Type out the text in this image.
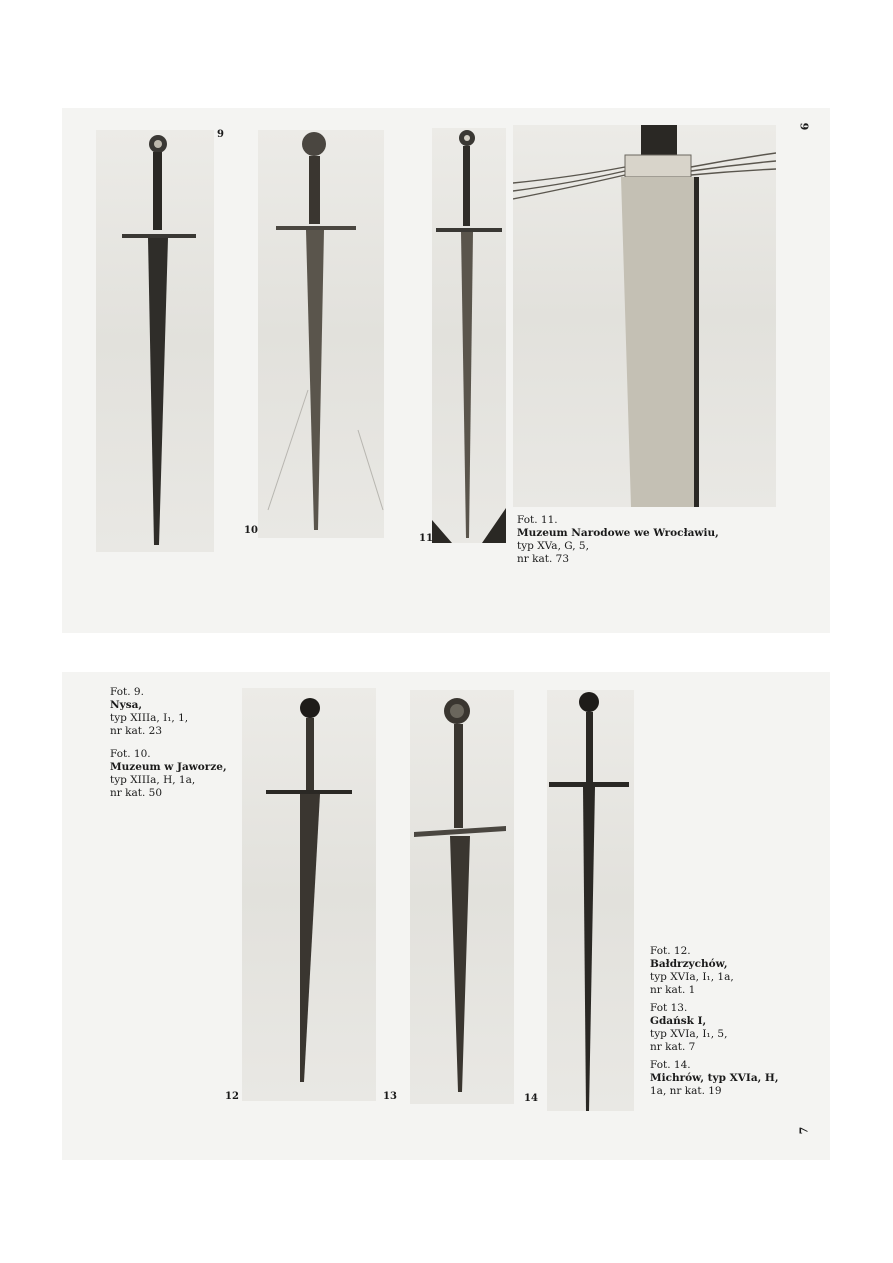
9
9
10
11
Fot. 11.
Muzeum Narodowe we Wrocławiu,
typ XVa, G, 5,
nr kat. 73
Fot. 9.
Nysa,
typ XIIIa, I₁, 1,
nr kat. 23
Fot. 10.
Muzeum w Jaworze,
typ XIIIa, H, 1a,
nr kat. 50
12	13	14
Fot. 12.
Bałdrzychów,
typ XVIa, I₁, 1a,
nr kat. 1
Fot 13.
Gdańsk I,
typ XVIa, I₁, 5,
nr kat. 7
Fot. 14.
Michrów, typ XVIa, H,
1a, nr kat. 19
7
